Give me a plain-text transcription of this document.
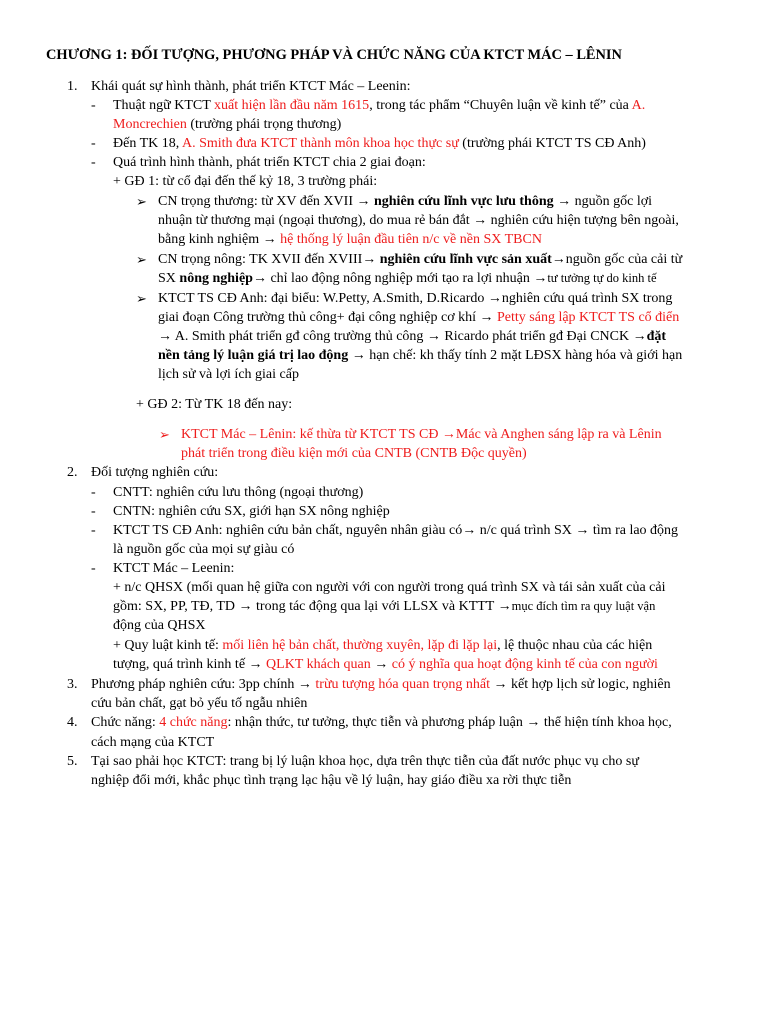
CHƯƠNG 1: ĐỐI TƯỢNG, PHƯƠNG PHÁP VÀ CHỨC NĂNG CỦA KTCT MÁC – LÊNIN
1. Khái quát sự hình thành, phát triển KTCT Mác – Leenin:
- Thuật ngữ KTCT xuất hiện lần đầu năm 1615, trong tác phẩm “Chuyên luận về kinh tế” của A.
Moncrechien (trường phái trọng thương)
- Đến TK 18, A. Smith đưa KTCT thành môn khoa học thực sự (trường phái KTCT TS CĐ Anh)
- Quá trình hình thành, phát triển KTCT chia 2 giai đoạn:
+ GĐ 1: từ cổ đại đến thế kỷ 18, 3 trường phái:
➢ CN trọng thương: từ XV đến XVII → nghiên cứu lĩnh vực lưu thông → nguồn gốc lợi
nhuận từ thương mại (ngoại thương), do mua rẻ bán đắt → nghiên cứu hiện tượng bên ngoài,
bằng kinh nghiệm → hệ thống lý luận đầu tiên n/c về nền SX TBCN
➢ CN trọng nông: TK XVII đến XVIII→ nghiên cứu lĩnh vực sản xuất→nguồn gốc của cải từ
SX nông nghiệp→ chỉ lao động nông nghiệp mới tạo ra lợi nhuận →tư tưởng tự do kinh tế
➢ KTCT TS CĐ Anh: đại biểu: W.Petty, A.Smith, D.Ricardo →nghiên cứu quá trình SX trong
giai đoạn Công trường thủ công+ đại công nghiệp cơ khí → Petty sáng lập KTCT TS cổ điển
→ A. Smith phát triển gđ công trường thủ công → Ricardo phát triển gđ Đại CNCK →đặt
nền tảng lý luận giá trị lao động → hạn chế: kh thấy tính 2 mặt LĐSX hàng hóa và giới hạn
lịch sử và lợi ích giai cấp
+ GĐ 2: Từ TK 18 đến nay:
➢ KTCT Mác – Lênin: kế thừa từ KTCT TS CĐ →Mác và Anghen sáng lập ra và Lênin
phát triển trong điều kiện mới của CNTB (CNTB Độc quyền)
2. Đối tượng nghiên cứu:
- CNTT: nghiên cứu lưu thông (ngoại thương)
- CNTN: nghiên cứu SX, giới hạn SX nông nghiệp
- KTCT TS CĐ Anh: nghiên cứu bản chất, nguyên nhân giàu có→ n/c quá trình SX → tìm ra lao động
là nguồn gốc của mọi sự giàu có
- KTCT Mác – Leenin:
+ n/c QHSX (mối quan hệ giữa con người với con người trong quá trình SX và tái sản xuất của cải
gồm: SX, PP, TĐ, TD → trong tác động qua lại với LLSX và KTTT →mục đích tìm ra quy luật vận
động của QHSX
+ Quy luật kinh tế: mối liên hệ bản chất, thường xuyên, lặp đi lặp lại, lệ thuộc nhau của các hiện
tượng, quá trình kinh tế → QLKT khách quan → có ý nghĩa qua hoạt động kinh tế của con người
3. Phương pháp nghiên cứu: 3pp chính → trừu tượng hóa quan trọng nhất → kết hợp lịch sử logic, nghiên
cứu bản chất, gạt bỏ yếu tố ngẫu nhiên
4. Chức năng: 4 chức năng: nhận thức, tư tưởng, thực tiễn và phương pháp luận → thể hiện tính khoa học,
cách mạng của KTCT
5. Tại sao phải học KTCT: trang bị lý luận khoa học, dựa trên thực tiễn của đất nước phục vụ cho sự
nghiệp đổi mới, khắc phục tình trạng lạc hậu về lý luận, hay giáo điều xa rời thực tiễn
